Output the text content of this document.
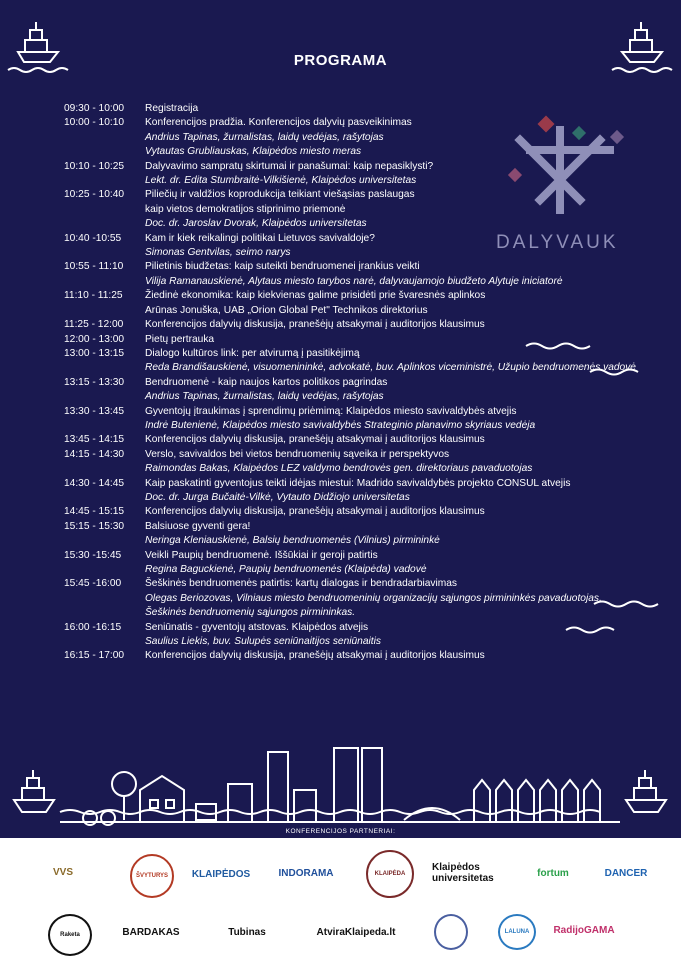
PROGRAMA
DALYVAUK
09:30 - 10:00	Registracija
10:00 - 10:10	Konferencijos pradžia. Konferencijos dalyvių pasveikinimas
Andrius Tapinas, žurnalistas, laidų vedėjas, rašytojas
Vytautas Grubliauskas, Klaipėdos miesto meras
10:10 - 10:25	Dalyvavimo sampratų skirtumai ir panašumai: kaip nepasiklysti?
Lekt. dr. Edita Stumbraitė-Vilkišienė, Klaipėdos universitetas
10:25 - 10:40	Piliečių ir valdžios koprodukcija teikiant viešąsias paslaugas
kaip vietos demokratijos stiprinimo priemonė
Doc. dr. Jaroslav Dvorak, Klaipėdos universitetas
10:40 -10:55	Kam ir kiek reikalingi politikai Lietuvos savivaldoje?
Simonas Gentvilas, seimo narys
10:55 - 11:10	Pilietinis biudžetas: kaip suteikti bendruomenei įrankius veikti
Vilija Ramanauskienė, Alytaus miesto tarybos narė, dalyvaujamojo biudžeto Alytuje iniciatorė
11:10 - 11:25	Žiedinė ekonomika: kaip kiekvienas galime prisidėti prie švaresnės aplinkos
Arūnas Jonuška, UAB „Orion Global Pet" Technikos direktorius
11:25 - 12:00	Konferencijos dalyvių diskusija, pranešėjų atsakymai į auditorijos klausimus
12:00 - 13:00	Pietų pertrauka
13:00 - 13:15	Dialogo kultūros link: per atvirumą į pasitikėjimą
Reda Brandišauskienė, visuomenininkė, advokatė, buv. Aplinkos viceministrė, Užupio bendruomenės vadovė
13:15 - 13:30	Bendruomenė - kaip naujos kartos politikos pagrindas
Andrius Tapinas, žurnalistas, laidų vedėjas, rašytojas
13:30 - 13:45	Gyventojų įtraukimas į sprendimų priėmimą: Klaipėdos miesto savivaldybės atvejis
Indrė Butenienė, Klaipėdos miesto savivaldybės Strateginio planavimo skyriaus vedėja
13:45 - 14:15	Konferencijos dalyvių diskusija, pranešėjų atsakymai į auditorijos klausimus
14:15 - 14:30	Verslo, savivaldos bei vietos bendruomenių sąveika ir perspektyvos
Raimondas Bakas, Klaipėdos LEZ valdymo bendrovės gen. direktoriaus pavaduotojas
14:30 - 14:45	Kaip paskatinti gyventojus teikti idėjas miestui: Madrido savivaldybės projekto CONSUL atvejis
Doc. dr. Jurga Bučaitė-Vilkė, Vytauto Didžiojo universitetas
14:45 - 15:15	Konferencijos dalyvių diskusija, pranešėjų atsakymai į auditorijos klausimus
15:15 - 15:30	Balsiuose gyventi gera!
Neringa Kleniauskienė, Balsių bendruomenės (Vilnius) pirmininkė
15:30 -15:45	Veikli Paupių bendruomenė. Iššūkiai ir geroji patirtis
Regina Baguckienė, Paupių bendruomenės (Klaipėda) vadovė
15:45 -16:00	Šeškinės bendruomenės patirtis: kartų dialogas ir bendradarbiavimas
Olegas Beriozovas, Vilniaus miesto bendruomeninių organizacijų sąjungos pirmininkės pavaduotojas,
Šeškinės bendruomenių sąjungos pirmininkas.
16:00 -16:15	Seniūnatis - gyventojų atstovas. Klaipėdos atvejis
Saulius Liekis, buv. Sulupės seniūnaitijos seniūnaitis
16:15 - 17:00	Konferencijos dalyvių diskusija, pranešėjų atsakymai į auditorijos klausimus
KONFERENCIJOS PARTNERIAI:
VVS	ŠVYTURYS	KLAIPĖDOS	INDORAMA	KLAIPĖDA
Klaipėdos universitetas	fortum	DANCER
Raketa	BARDAKAS	Tubinas	AtviraKlaipeda.lt	LALUNA	RadijoGAMA
